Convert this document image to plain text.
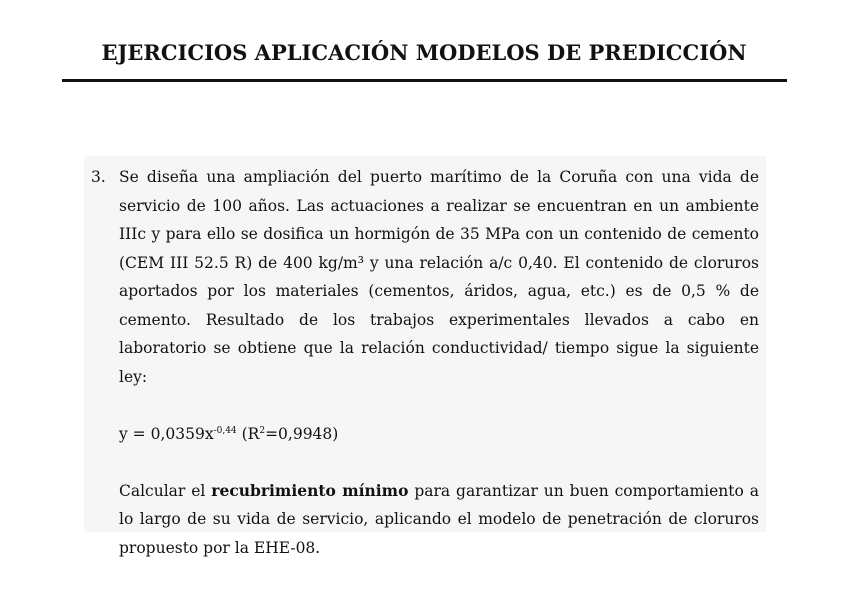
EJERCICIOS APLICACIÓN MODELOS DE PREDICCIÓN
3. Se diseña una ampliación del puerto marítimo de la Coruña con una vida de servicio de 100 años. Las actuaciones a realizar se encuentran en un ambiente IIIc y para ello se dosifica un hormigón de 35 MPa con un contenido de cemento (CEM III 52.5 R) de 400 kg/m³ y una relación a/c 0,40. El contenido de cloruros aportados por los materiales (cementos, áridos, agua, etc.) es de 0,5 % de cemento. Resultado de los trabajos experimentales llevados a cabo en laboratorio se obtiene que la relación conductividad/ tiempo sigue la siguiente ley:

$y = 0,0359x^{-0,44}$ $(R^2=0,9948)$

Calcular el recubrimiento mínimo para garantizar un buen comportamiento a lo largo de su vida de servicio, aplicando el modelo de penetración de cloruros propuesto por la EHE-08.
